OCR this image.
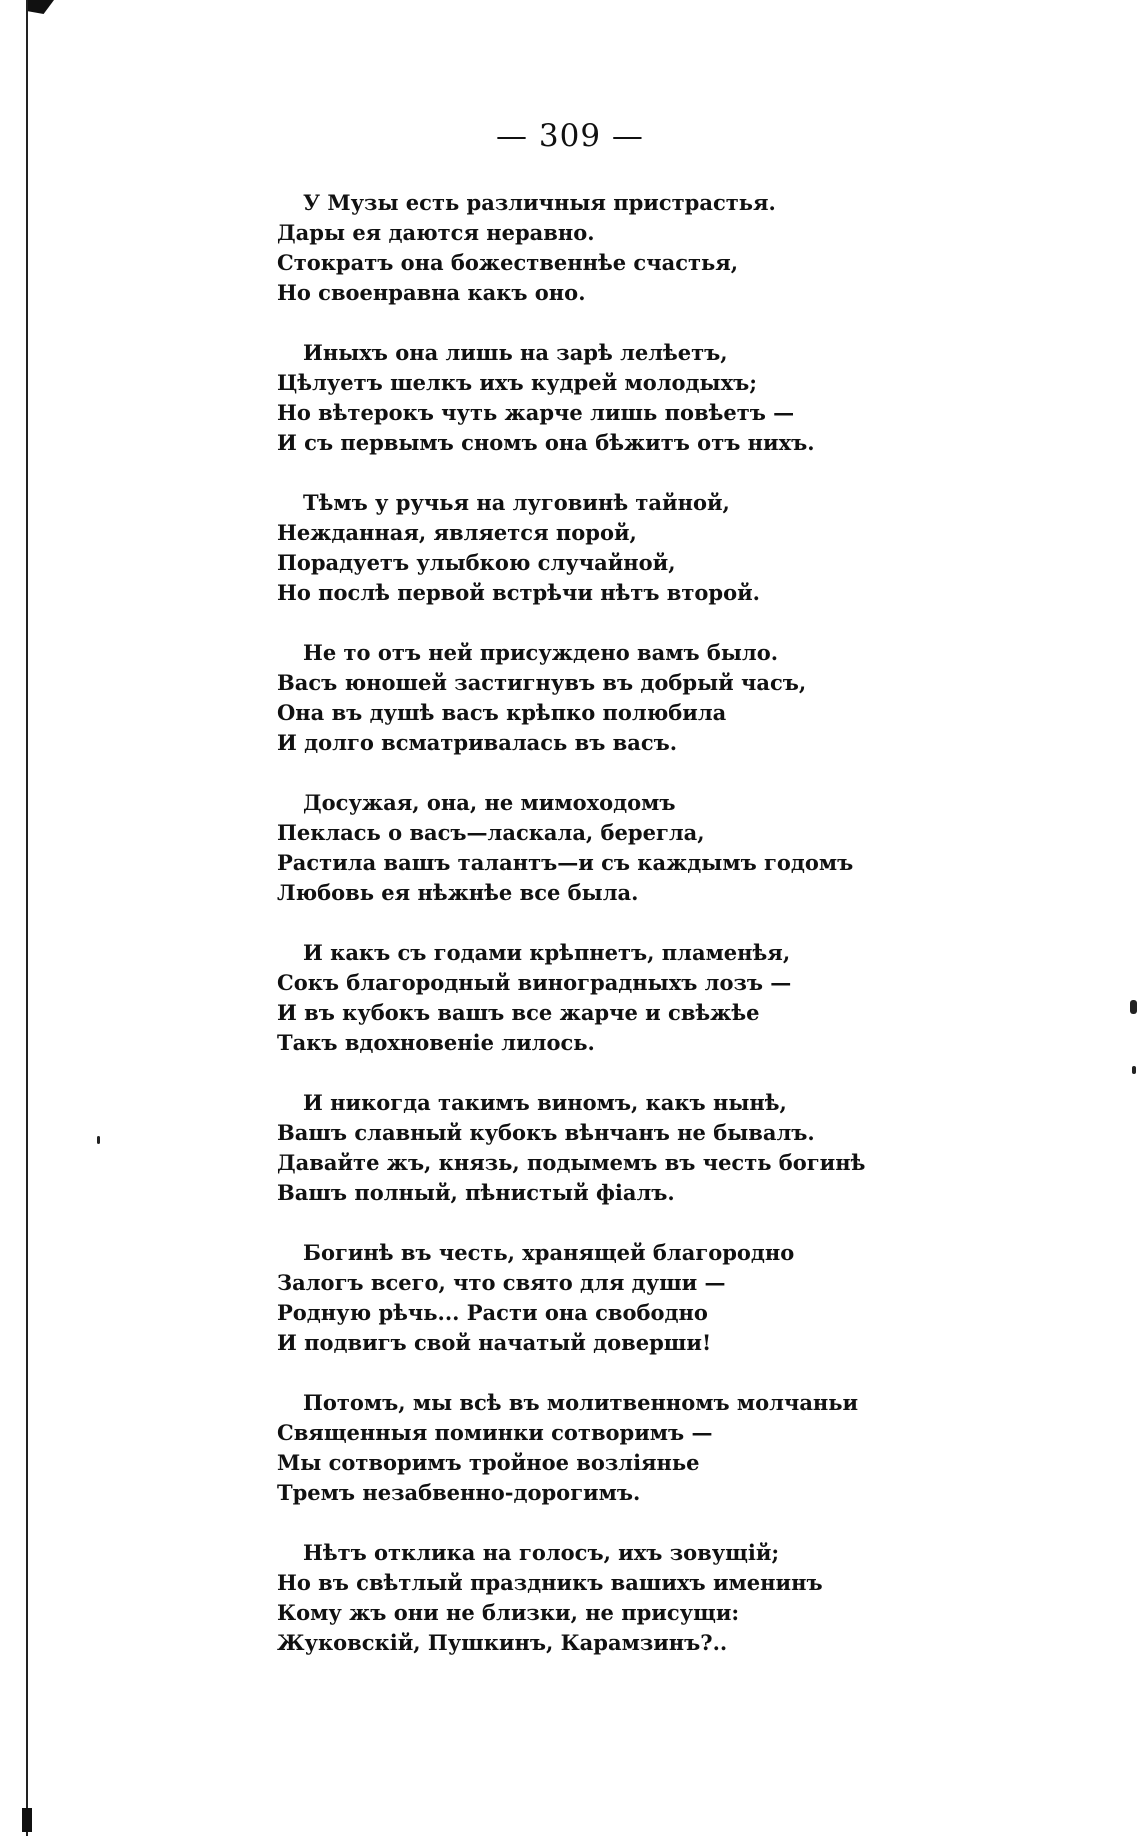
— 309 —
У Музы есть различныя пристрастья.
Дары ея даются неравно.
Стократъ она божественнѣе счастья,
Но своенравна какъ оно.
Иныхъ она лишь на зарѣ лелѣетъ,
Цѣлуетъ шелкъ ихъ кудрей молодыхъ;
Но вѣтерокъ чуть жарче лишь повѣетъ —
И съ первымъ сномъ она бѣжитъ отъ нихъ.
Тѣмъ у ручья на луговинѣ тайной,
Нежданная, является порой,
Порадуетъ улыбкою случайной,
Но послѣ первой встрѣчи нѣтъ второй.
Не то отъ ней присуждено вамъ было.
Васъ юношей застигнувъ въ добрый часъ,
Она въ душѣ васъ крѣпко полюбила
И долго всматривалась въ васъ.
Досужая, она, не мимоходомъ
Пеклась о васъ—ласкала, берегла,
Растила вашъ талантъ—и съ каждымъ годомъ
Любовь ея нѣжнѣе все была.
И какъ съ годами крѣпнетъ, пламенѣя,
Сокъ благородный виноградныхъ лозъ —
И въ кубокъ вашъ все жарче и свѣжѣе
Такъ вдохновеніе лилось.
И никогда такимъ виномъ, какъ нынѣ,
Вашъ славный кубокъ вѣнчанъ не бывалъ.
Давайте жъ, князь, подымемъ въ честь богинѣ
Вашъ полный, пѣнистый фіалъ.
Богинѣ въ честь, хранящей благородно
Залогъ всего, что свято для души —
Родную рѣчь... Расти она свободно
И подвигъ свой начатый доверши!
Потомъ, мы всѣ въ молитвенномъ молчаньи
Священныя поминки сотворимъ —
Мы сотворимъ тройное возліянье
Тремъ незабвенно-дорогимъ.
Нѣтъ отклика на голосъ, ихъ зовущій;
Но въ свѣтлый праздникъ вашихъ именинъ
Кому жъ они не близки, не присущи:
Жуковскій, Пушкинъ, Карамзинъ?..
